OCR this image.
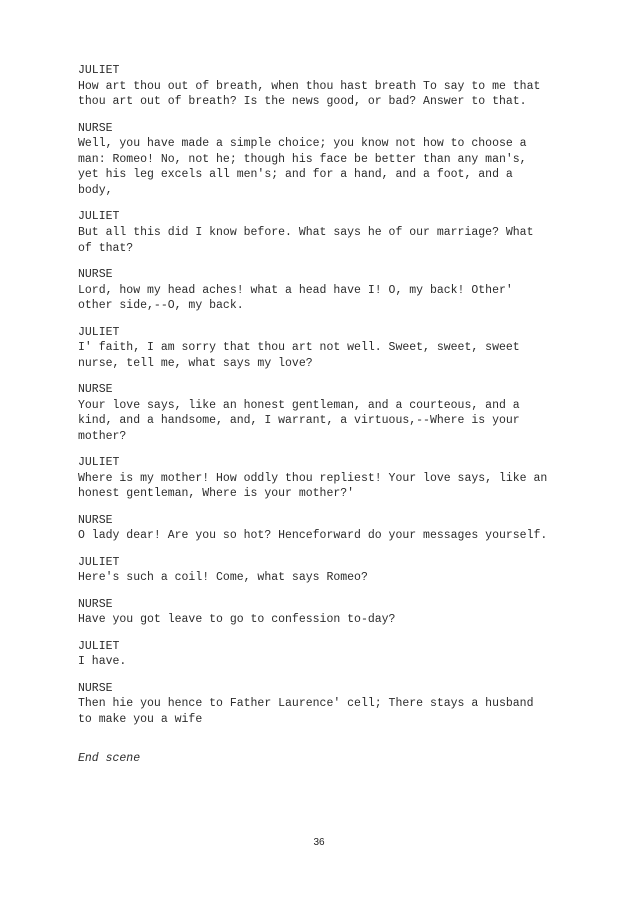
JULIET
How art thou out of breath, when thou hast breath To say to me that
thou art out of breath? Is the news good, or bad? Answer to that.
NURSE
Well, you have made a simple choice; you know not how to choose a
man: Romeo! No, not he; though his face be better than any man's,
yet his leg excels all men's; and for a hand, and a foot, and a
body,
JULIET
But all this did I know before. What says he of our marriage? What
of that?
NURSE
Lord, how my head aches! what a head have I! O, my back! Other'
other side,--O, my back.
JULIET
I' faith, I am sorry that thou art not well. Sweet, sweet, sweet
nurse, tell me, what says my love?
NURSE
Your love says, like an honest gentleman, and a courteous, and a
kind, and a handsome, and, I warrant, a virtuous,--Where is your
mother?
JULIET
Where is my mother! How oddly thou repliest! Your love says, like an
honest gentleman, Where is your mother?'
NURSE
O lady dear! Are you so hot? Henceforward do your messages yourself.
JULIET
Here's such a coil! Come, what says Romeo?
NURSE
Have you got leave to go to confession to-day?
JULIET
I have.
NURSE
Then hie you hence to Father Laurence' cell; There stays a husband
to make you a wife
End scene
36
